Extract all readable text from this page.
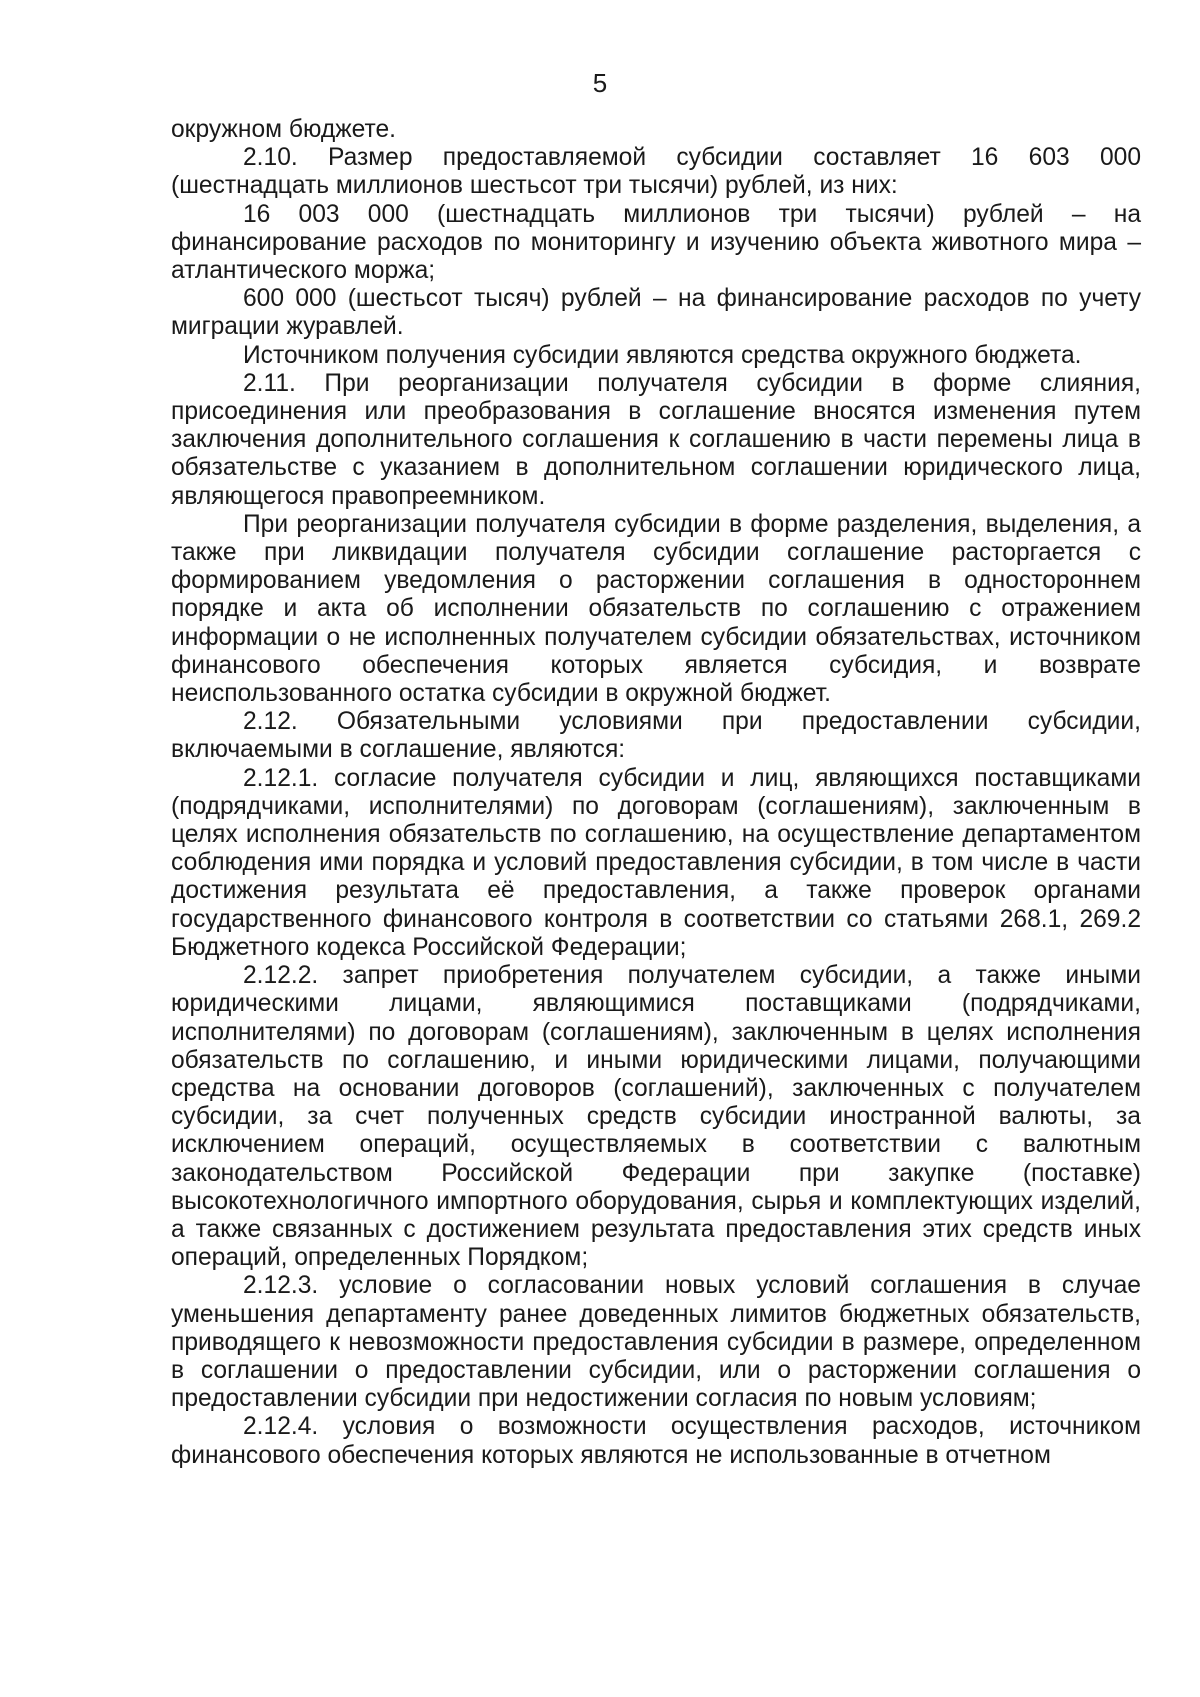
5

окружном бюджете.

2.10. Размер предоставляемой субсидии составляет 16 603 000 (шестнадцать миллионов шестьсот три тысячи) рублей, из них:

16 003 000 (шестнадцать миллионов три тысячи) рублей – на финансирование расходов по мониторингу и изучению объекта животного мира – атлантического моржа;

600 000 (шестьсот тысяч) рублей – на финансирование расходов по учету миграции журавлей.

Источником получения субсидии являются средства окружного бюджета.

2.11. При реорганизации получателя субсидии в форме слияния, присоединения или преобразования в соглашение вносятся изменения путем заключения дополнительного соглашения к соглашению в части перемены лица в обязательстве с указанием в дополнительном соглашении юридического лица, являющегося правопреемником.

При реорганизации получателя субсидии в форме разделения, выделения, а также при ликвидации получателя субсидии соглашение расторгается с формированием уведомления о расторжении соглашения в одностороннем порядке и акта об исполнении обязательств по соглашению с отражением информации о не исполненных получателем субсидии обязательствах, источником финансового обеспечения которых является субсидия, и возврате неиспользованного остатка субсидии в окружной бюджет.

2.12. Обязательными условиями при предоставлении субсидии, включаемыми в соглашение, являются:

2.12.1. согласие получателя субсидии и лиц, являющихся поставщиками (подрядчиками, исполнителями) по договорам (соглашениям), заключенным в целях исполнения обязательств по соглашению, на осуществление департаментом соблюдения ими порядка и условий предоставления субсидии, в том числе в части достижения результата её предоставления, а также проверок органами государственного финансового контроля в соответствии со статьями 268.1, 269.2 Бюджетного кодекса Российской Федерации;

2.12.2. запрет приобретения получателем субсидии, а также иными юридическими лицами, являющимися поставщиками (подрядчиками, исполнителями) по договорам (соглашениям), заключенным в целях исполнения обязательств по соглашению, и иными юридическими лицами, получающими средства на основании договоров (соглашений), заключенных с получателем субсидии, за счет полученных средств субсидии иностранной валюты, за исключением операций, осуществляемых в соответствии с валютным законодательством Российской Федерации при закупке (поставке) высокотехнологичного импортного оборудования, сырья и комплектующих изделий, а также связанных с достижением результата предоставления этих средств иных операций, определенных Порядком;

2.12.3. условие о согласовании новых условий соглашения в случае уменьшения департаменту ранее доведенных лимитов бюджетных обязательств, приводящего к невозможности предоставления субсидии в размере, определенном в соглашении о предоставлении субсидии, или о расторжении соглашения о предоставлении субсидии при недостижении согласия по новым условиям;

2.12.4. условия о возможности осуществления расходов, источником финансового обеспечения которых являются не использованные в отчетном
